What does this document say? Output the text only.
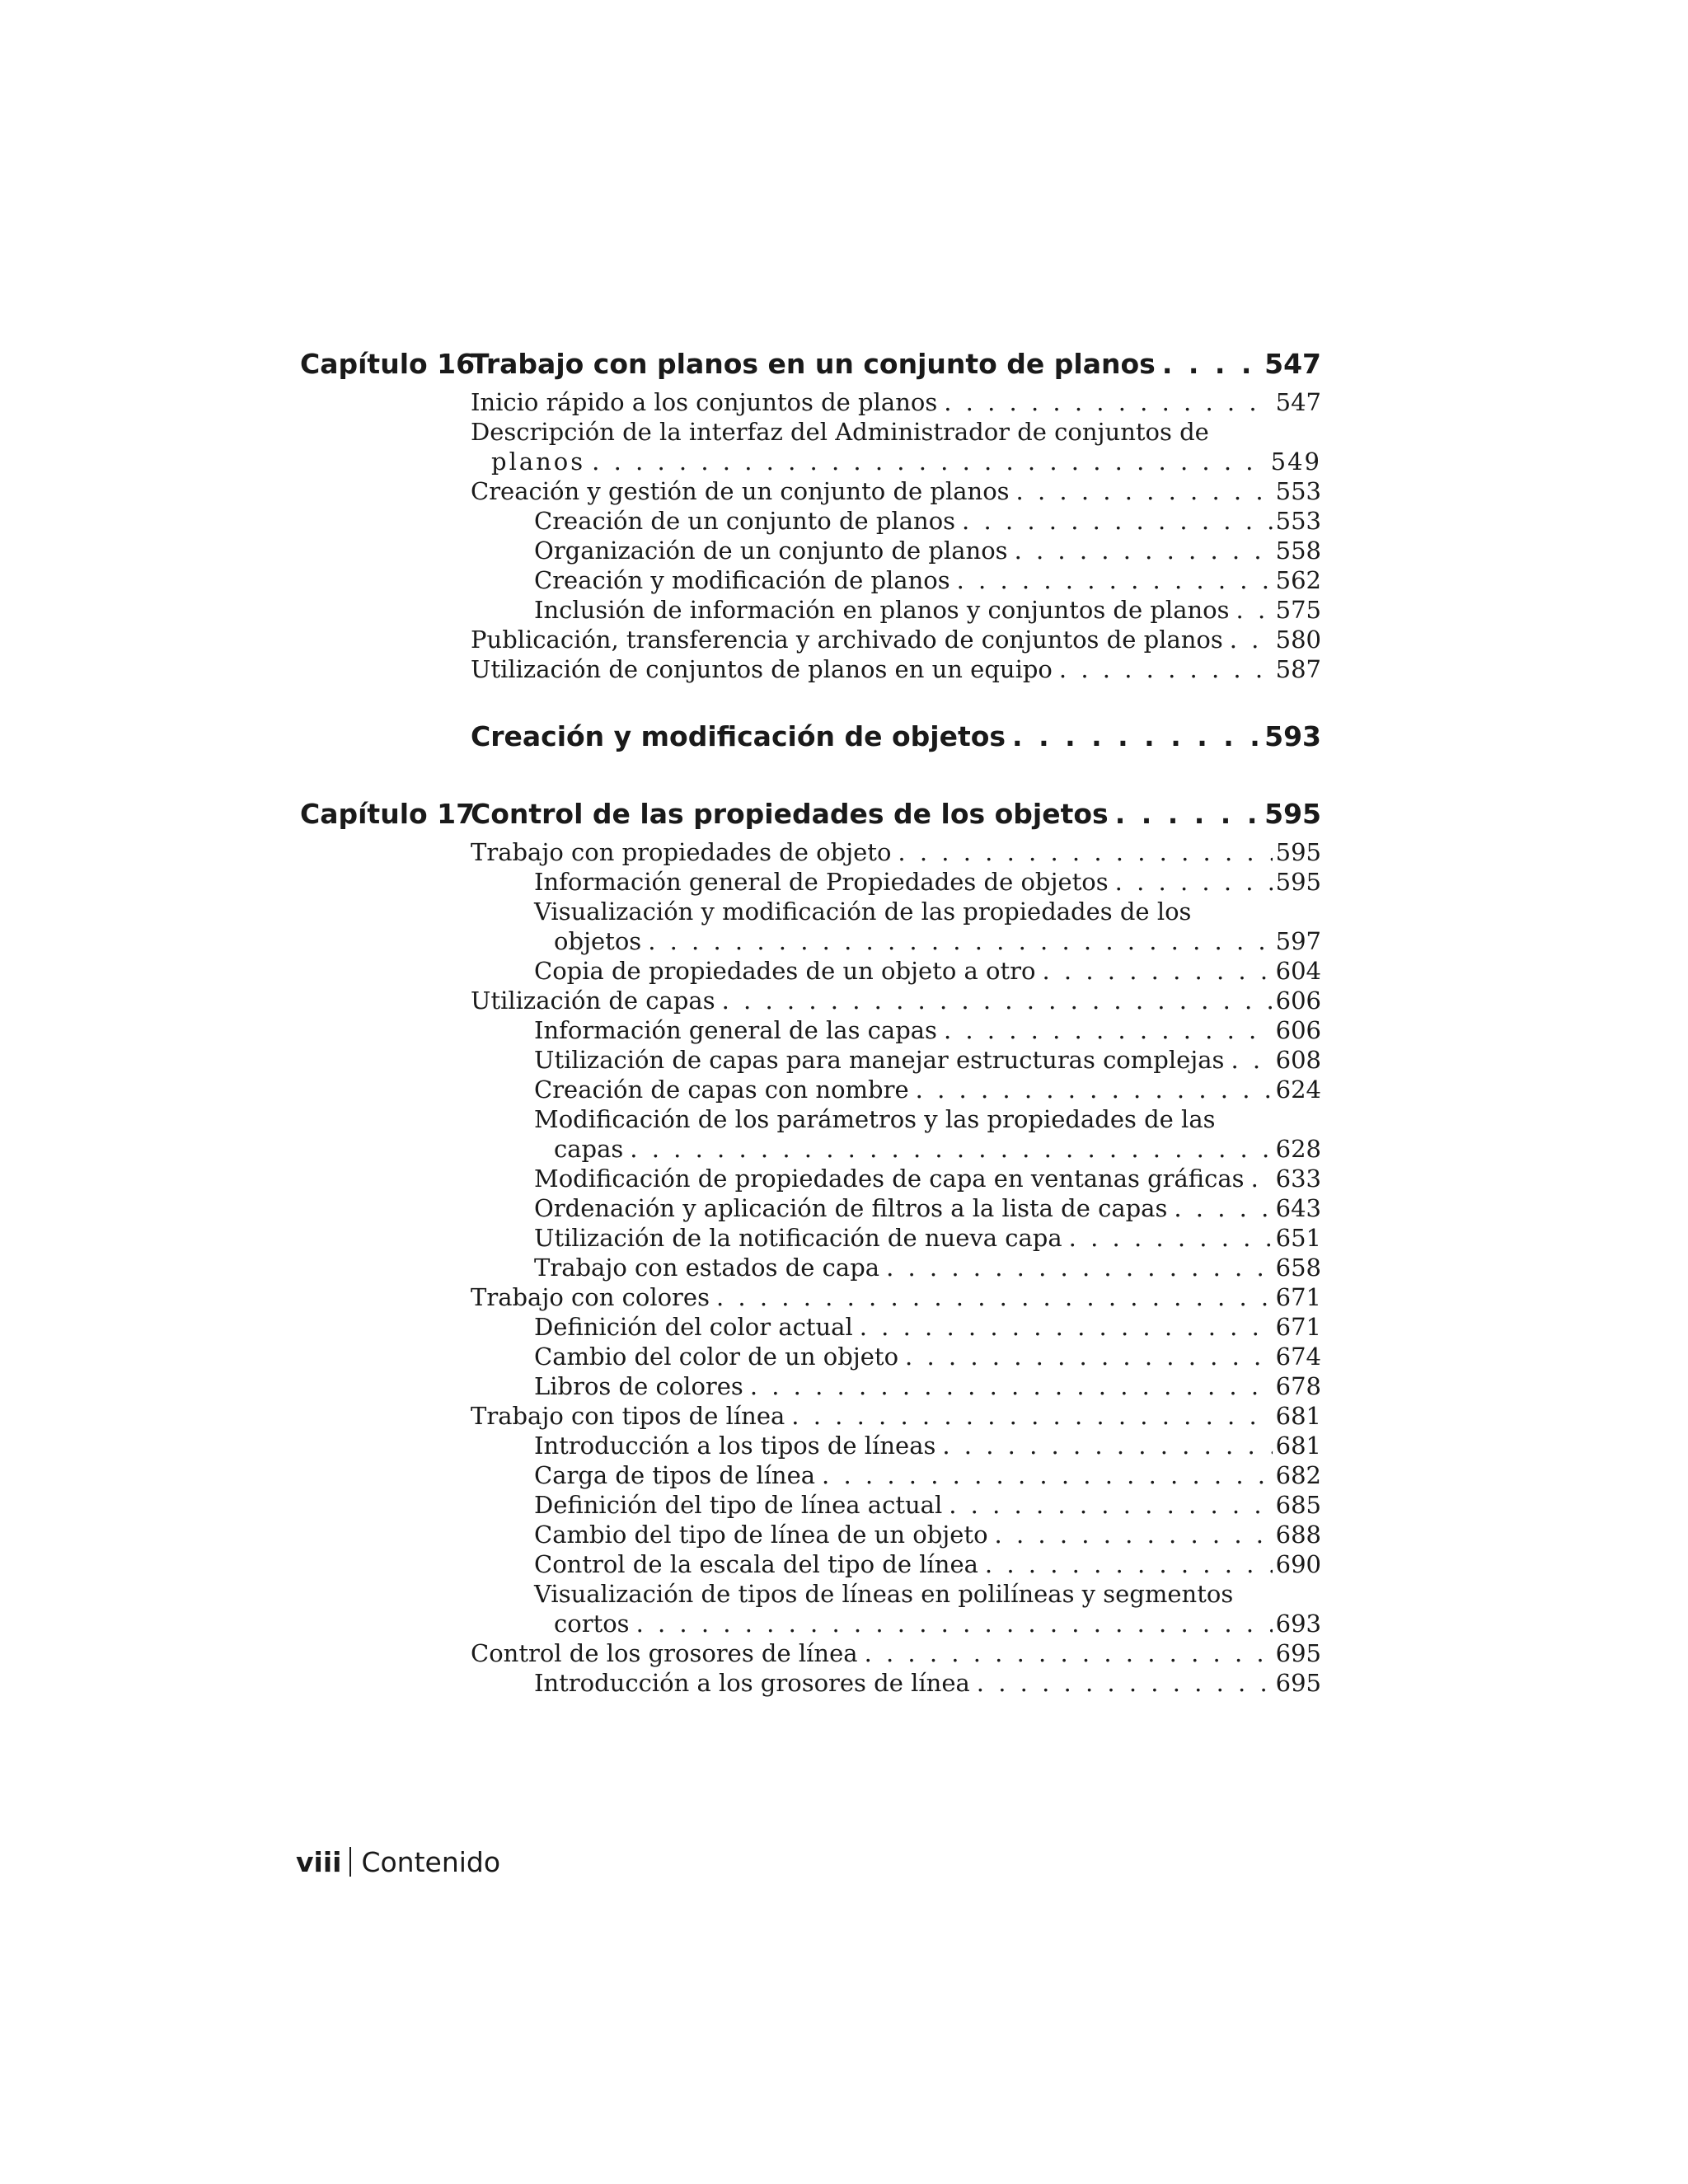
Capítulo 16
Trabajo con planos en un conjunto de planos . . .	547
Inicio rápido a los conjuntos de planos . . .	547
Descripción de la interfaz del Administrador de conjuntos de
planos . . .	549
Creación y gestión de un conjunto de planos . . .	553
Creación de un conjunto de planos . . .	553
Organización de un conjunto de planos . . .	558
Creación y modificación de planos . . .	562
Inclusión de información en planos y conjuntos de planos . . . 575
Publicación, transferencia y archivado de conjuntos de planos . . . 580
Utilización de conjuntos de planos en un equipo . . .	587
Creación y modificación de objetos . . .	593
Capítulo 17
Control de las propiedades de los objetos . . .	595
Trabajo con propiedades de objeto . . .	595
Información general de Propiedades de objetos . . .	595
Visualización y modificación de las propiedades de los
objetos . . .	597
Copia de propiedades de un objeto a otro . . .	604
Utilización de capas . . .	606
Información general de las capas . . .	606
Utilización de capas para manejar estructuras complejas . . . 608
Creación de capas con nombre . . .	624
Modificación de los parámetros y las propiedades de las
capas . . .	628
Modificación de propiedades de capa en ventanas gráficas . . . 633
Ordenación y aplicación de filtros a la lista de capas . . .	643
Utilización de la notificación de nueva capa . . .	651
Trabajo con estados de capa . . .	658
Trabajo con colores . . .	671
Definición del color actual . . .	671
Cambio del color de un objeto . . .	674
Libros de colores . . .	678
Trabajo con tipos de línea . . .	681
Introducción a los tipos de líneas . . .	681
Carga de tipos de línea . . .	682
Definición del tipo de línea actual . . .	685
Cambio del tipo de línea de un objeto . . .	688
Control de la escala del tipo de línea . . .	690
Visualización de tipos de líneas en polilíneas y segmentos
cortos . . .	693
Control de los grosores de línea . . .	695
Introducción a los grosores de línea . . .	695
viii Contenido
